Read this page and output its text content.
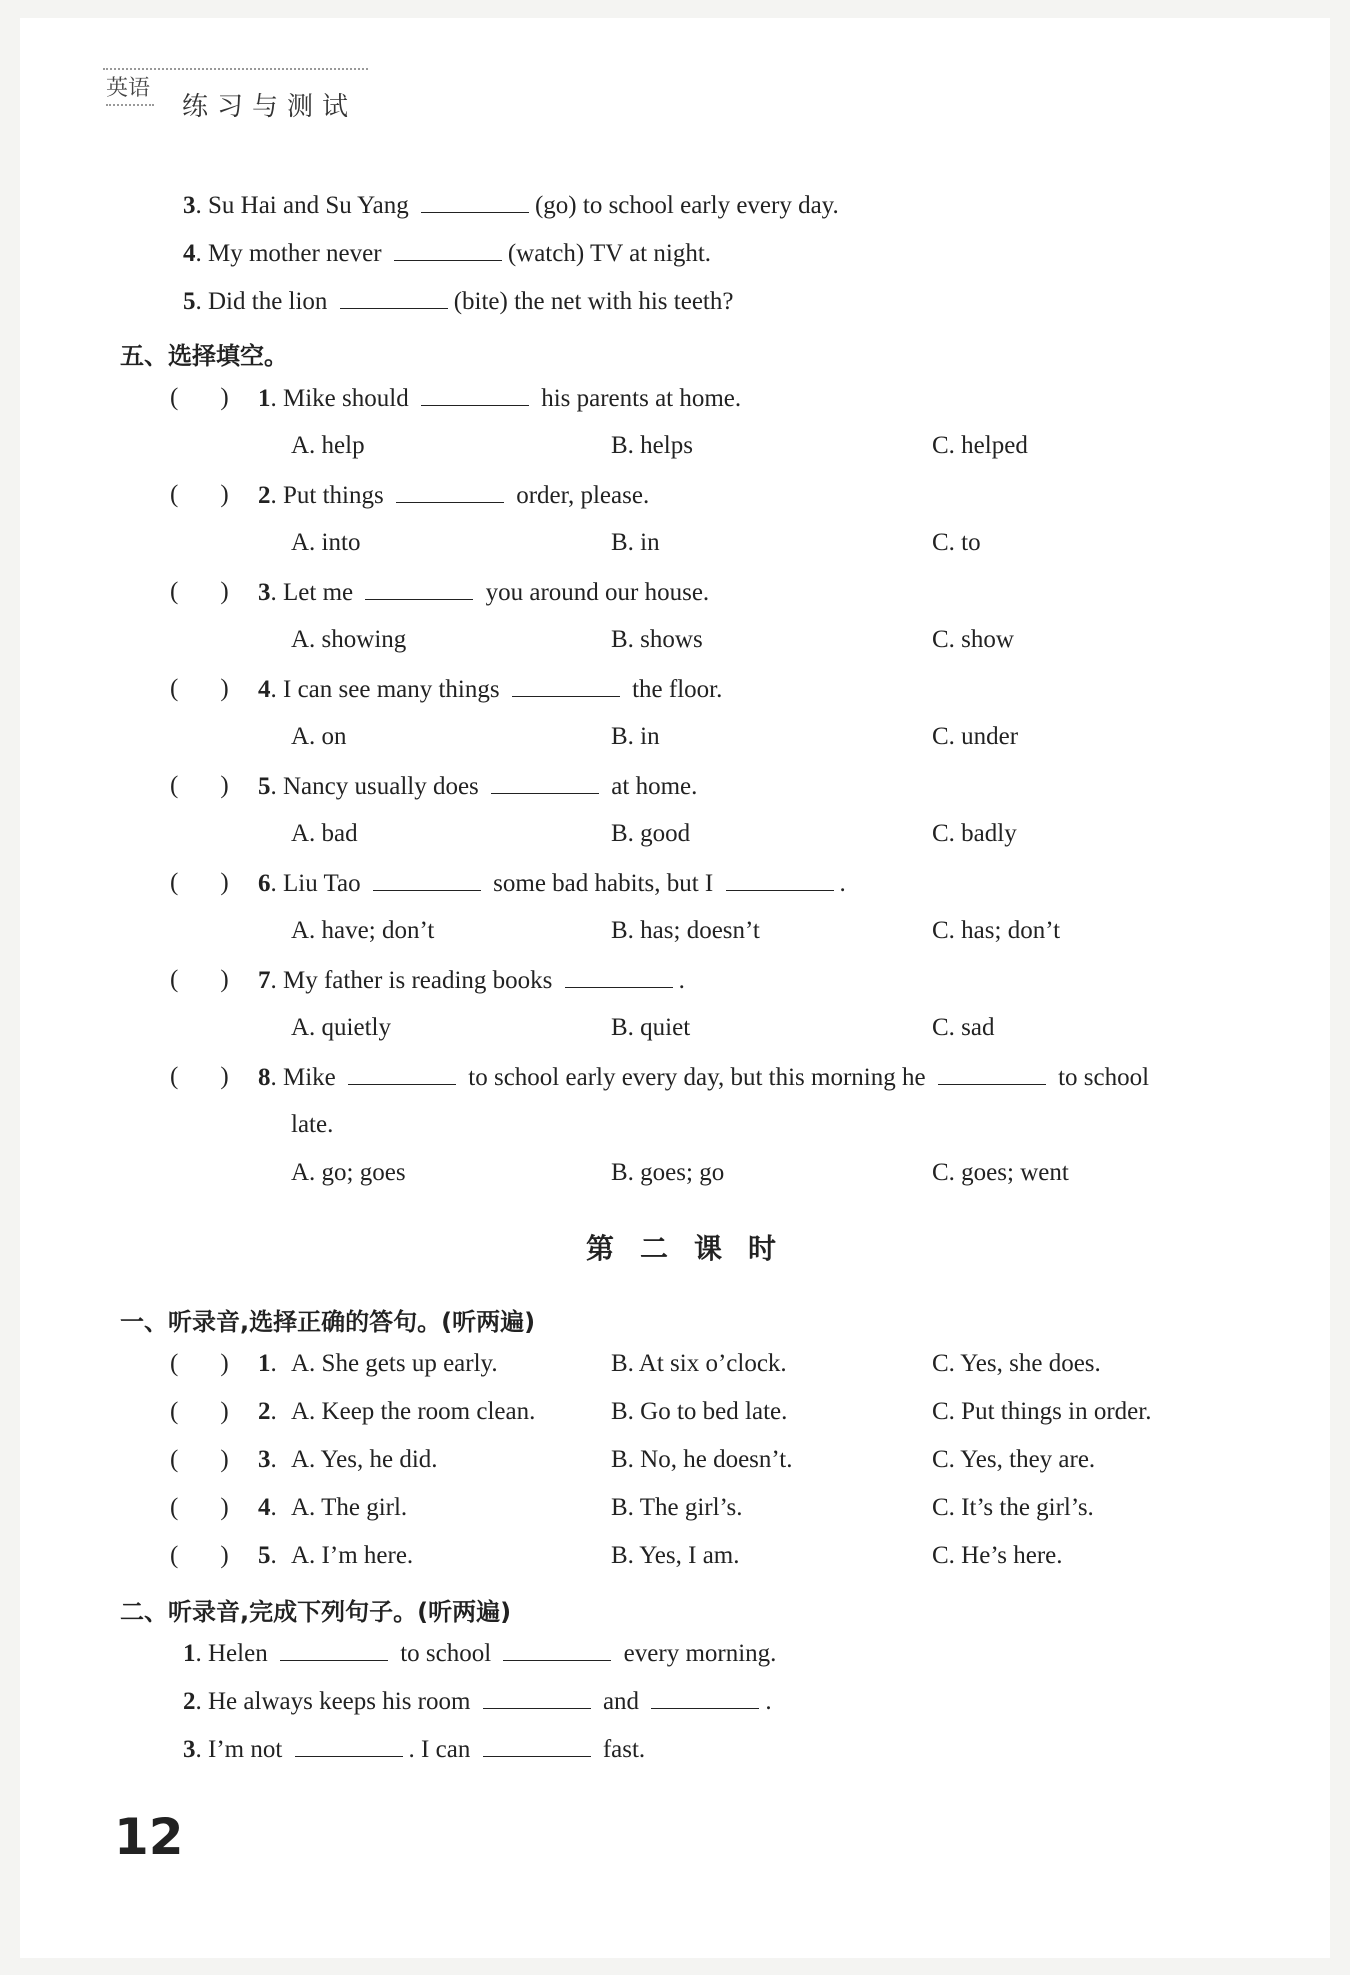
英语
练习与测试
3. Su Hai and Su Yang	(go) to school early every day.
4. My mother never	(watch) TV at night.
5. Did the lion	(bite) the net with his teeth?
五、选择填空。
( ) 1. Mike should	his parents at home.
A. help	B. helps	C. helped
( ) 2. Put things	order, please.
A. into	B. in	C. to
( ) 3. Let me	you around our house.
A. showing	B. shows	C. show
( ) 4. I can see many things	the floor.
A. on	B. in	C. under
( ) 5. Nancy usually does	at home.
A. bad	B. good	C. badly
( ) 6. Liu Tao	some bad habits, but I	.
A. have; don’t	B. has; doesn’t	C. has; don’t
( ) 7. My father is reading books	.
A. quietly	B. quiet	C. sad
( ) 8. Mike	to school early every day, but this morning he	to school
late.
A. go; goes	B. goes; go	C. goes; went
第二课时
一、听录音,选择正确的答句。(听两遍)
( ) 1. A. She gets up early.	B. At six o’clock.	C. Yes, she does.
( ) 2. A. Keep the room clean.	B. Go to bed late.	C. Put things in order.
( ) 3. A. Yes, he did.	B. No, he doesn’t.	C. Yes, they are.
( ) 4. A. The girl.	B. The girl’s.	C. It’s the girl’s.
( ) 5. A. I’m here.	B. Yes, I am.	C. He’s here.
二、听录音,完成下列句子。(听两遍)
1. Helen	to school	every morning.
2. He always keeps his room	and	.
3. I’m not	. I can	fast.
12
